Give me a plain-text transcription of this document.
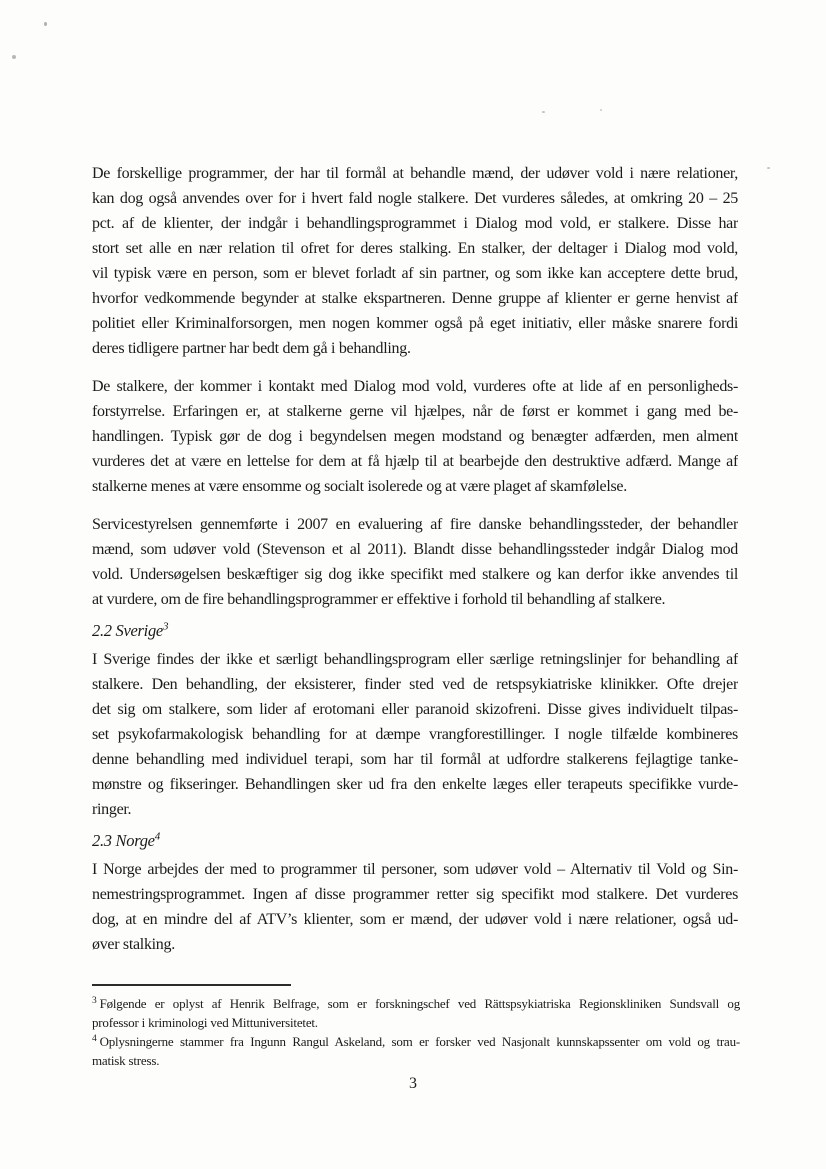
De forskellige programmer, der har til formål at behandle mænd, der udøver vold i nære relationer,
kan dog også anvendes over for i hvert fald nogle stalkere. Det vurderes således, at omkring 20 – 25
pct. af de klienter, der indgår i behandlingsprogrammet i Dialog mod vold, er stalkere. Disse har
stort set alle en nær relation til ofret for deres stalking. En stalker, der deltager i Dialog mod vold,
vil typisk være en person, som er blevet forladt af sin partner, og som ikke kan acceptere dette brud,
hvorfor vedkommende begynder at stalke ekspartneren. Denne gruppe af klienter er gerne henvist af
politiet eller Kriminalforsorgen, men nogen kommer også på eget initiativ, eller måske snarere fordi
deres tidligere partner har bedt dem gå i behandling.
De stalkere, der kommer i kontakt med Dialog mod vold, vurderes ofte at lide af en personligheds-
forstyrrelse. Erfaringen er, at stalkerne gerne vil hjælpes, når de først er kommet i gang med be-
handlingen. Typisk gør de dog i begyndelsen megen modstand og benægter adfærden, men alment
vurderes det at være en lettelse for dem at få hjælp til at bearbejde den destruktive adfærd. Mange af
stalkerne menes at være ensomme og socialt isolerede og at være plaget af skamfølelse.
Servicestyrelsen gennemførte i 2007 en evaluering af fire danske behandlingssteder, der behandler
mænd, som udøver vold (Stevenson et al 2011). Blandt disse behandlingssteder indgår Dialog mod
vold. Undersøgelsen beskæftiger sig dog ikke specifikt med stalkere og kan derfor ikke anvendes til
at vurdere, om de fire behandlingsprogrammer er effektive i forhold til behandling af stalkere.
2.2 Sverige$^3$
I Sverige findes der ikke et særligt behandlingsprogram eller særlige retningslinjer for behandling af
stalkere. Den behandling, der eksisterer, finder sted ved de retspsykiatriske klinikker. Ofte drejer
det sig om stalkere, som lider af erotomani eller paranoid skizofreni. Disse gives individuelt tilpas-
set psykofarmakologisk behandling for at dæmpe vrangforestillinger. I nogle tilfælde kombineres
denne behandling med individuel terapi, som har til formål at udfordre stalkerens fejlagtige tanke-
mønstre og fikseringer. Behandlingen sker ud fra den enkelte læges eller terapeuts specifikke vurde-
ringer.
2.3 Norge$^4$
I Norge arbejdes der med to programmer til personer, som udøver vold – Alternativ til Vold og Sin-
nemestringsprogrammet. Ingen af disse programmer retter sig specifikt mod stalkere. Det vurderes
dog, at en mindre del af ATV’s klienter, som er mænd, der udøver vold i nære relationer, også ud-
øver stalking.
$^3$ Følgende er oplyst af Henrik Belfrage, som er forskningschef ved Rättspsykiatriska Regionskliniken Sundsvall og
professor i kriminologi ved Mittuniversitetet.
$^4$ Oplysningerne stammer fra Ingunn Rangul Askeland, som er forsker ved Nasjonalt kunnskapssenter om vold og trau-
matisk stress.
3
